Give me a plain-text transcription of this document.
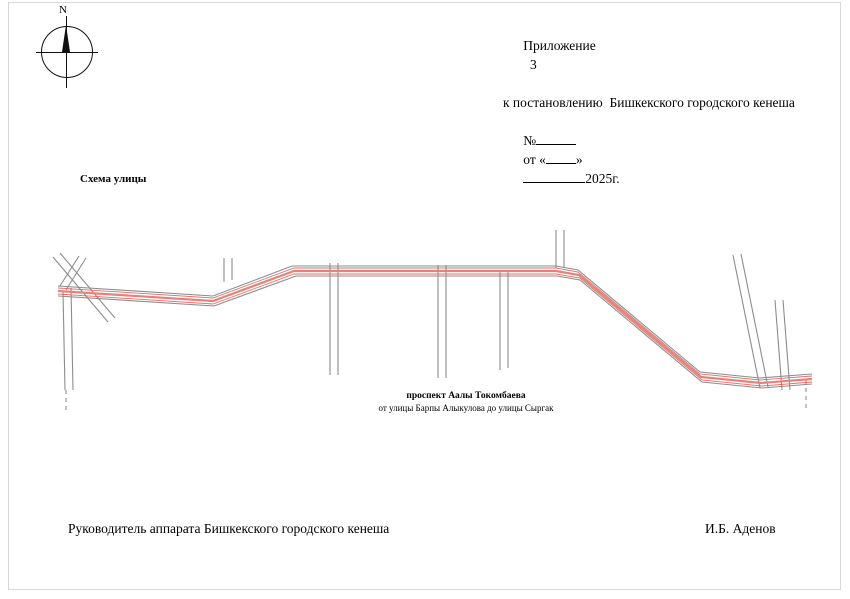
N

Приложение
3

к постановлению  Бишкекского городского кенеша

№
от « »
2025г.

Схема улицы
проспект Аалы Токомбаева
от улицы Барпы Алыкулова до улицы Сыргак
Руководитель аппарата Бишкекского городского кенеша	И.Б. Аденов
